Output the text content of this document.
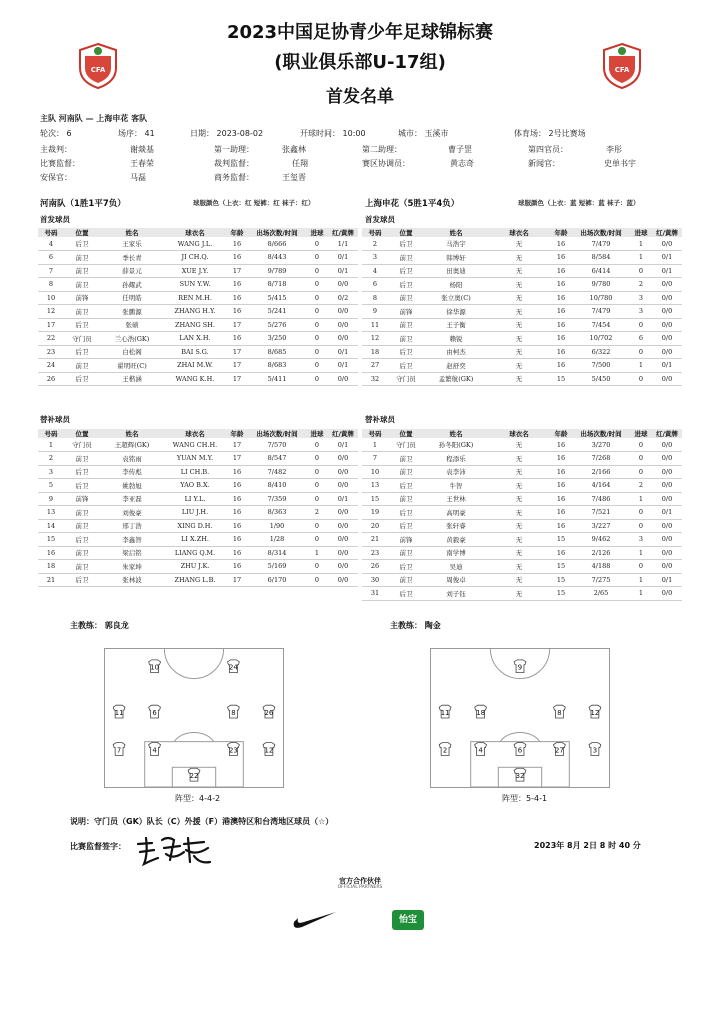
2023中国足协青少年足球锦标赛
(职业俱乐部U-17组)
首发名单
CFA	CFA
主队 河南队 — 上海申花 客队
轮次： 6	场序： 41	日期： 2023-08-02	开球时间： 10:00	城市： 玉溪市	体育场： 2号比赛场
主裁判：	谢燚基	第一助理：	张鑫林	第二助理：	曹子罡	第四官员：	李彤
比赛监督：	王春荣	裁判监督：	任翔	赛区协调员：	黄志奇	新闻官：	史单书宇
安保官：	马磊	商务监督：	王玺晋
河南队（1胜1平7负）	球服颜色（上衣：红 短裤：红 袜子：红）	上海申花（5胜1平4负）	球服颜色（上衣：蓝 短裤：蓝 袜子：蓝）
首发球员	首发球员
号码	位置	姓名	球衣名	年龄	出场次数/时间	进球	红/黄牌
4	后卫	王家乐	WANG J.L.	16	8/666	0	1/1
6	前卫	季长青	JI CH.Q.	16	8/443	0	0/1
7	前卫	薛景元	XUE J.Y.	17	9/789	0	0/1
8	前卫	孙耀武	SUN Y.W.	16	8/718	0	0/0
10	前锋	任明皓	REN M.H.	16	5/415	0	0/2
12	前卫	张鹏源	ZHANG H.Y.	16	5/241	0	0/0
17	后卫	张硕	ZHANG SH.	17	5/276	0	0/0
22	守门员	兰心浩(GK)	LAN X.H.	16	3/250	0	0/0
23	后卫	白松阁	BAI S.G.	17	8/685	0	0/1
24	前卫	翟明旺(C)	ZHAI M.W.	17	8/683	0	0/1
26	后卫	王楷涵	WANG K.H.	17	5/411	0	0/0
号码	位置	姓名	球衣名	年龄	出场次数/时间	进球	红/黄牌
2	后卫	马浩宇	无	16	7/479	1	0/0
3	前卫	韩博轩	无	16	8/584	1	0/1
4	后卫	田奥迪	无	16	6/414	0	0/1
6	后卫	杨阳	无	16	9/780	2	0/0
8	前卫	张立奥(C)	无	16	10/780	3	0/0
9	前锋	徐华源	无	16	7/479	3	0/0
11	前卫	王子衡	无	16	7/454	0	0/0
12	前卫	赖锐	无	16	10/702	6	0/0
18	后卫	由柯杰	无	16	6/322	0	0/0
27	后卫	赵舒奕	无	16	7/500	1	0/1
32	守门员	孟繁航(GK)	无	15	5/450	0	0/0
替补球员	替补球员
号码	位置	姓名	球衣名	年龄	出场次数/时间	进球	红/黄牌
1	守门员	王超辉(GK)	WANG CH.H.	17	7/570	0	0/1
2	前卫	袁铭雨	YUAN M.Y.	17	8/547	0	0/0
3	后卫	李传彪	LI CH.B.	16	7/482	0	0/0
5	后卫	姚勃旭	YAO B.X.	16	8/410	0	0/0
9	前锋	李亚磊	LI Y.L.	16	7/359	0	0/1
13	前卫	刘俊豪	LIU J.H.	16	8/363	2	0/0
14	前卫	邢丁浩	XING D.H.	16	1/90	0	0/0
15	后卫	李鑫智	LI X.ZH.	16	1/28	0	0/0
16	前卫	梁启铭	LIANG Q.M.	16	8/314	1	0/0
18	前卫	朱家坤	ZHU J.K.	16	5/169	0	0/0
21	后卫	张林波	ZHANG L.B.	17	6/170	0	0/0
号码	位置	姓名	球衣名	年龄	出场次数/时间	进球	红/黄牌
1	守门员	孙冬阳(GK)	无	16	3/270	0	0/0
7	前卫	程添乐	无	16	7/268	0	0/0
10	前卫	袁李沛	无	16	2/166	0	0/0
13	后卫	牛智	无	16	4/164	2	0/0
15	前卫	王世林	无	16	7/486	1	0/0
19	后卫	高明豪	无	16	7/521	0	0/1
20	后卫	张轩睿	无	16	3/227	0	0/0
21	前锋	黄毅豪	无	15	9/462	3	0/0
23	前卫	南学博	无	16	2/126	1	0/0
26	后卫	吴迪	无	15	4/188	0	0/0
30	前卫	周俊卓	无	15	7/275	1	0/1
31	后卫	刘子钰	无	15	2/65	1	0/0
主教练： 郭良龙	主教练： 陶金
10	24
11	6	8	26
7	4	23	12
22
9
11	18	8	12
2	4	6	27	3
32
阵型：4-4-2	阵型：5-4-1
说明：守门员（GK）队长（C）外援（F）港澳特区和台湾地区球员（☆）
比赛监督签字：	2023年 8月 2日 8 时 40 分
官方合作伙伴
OFFICIAL PARTNERS
怡宝
